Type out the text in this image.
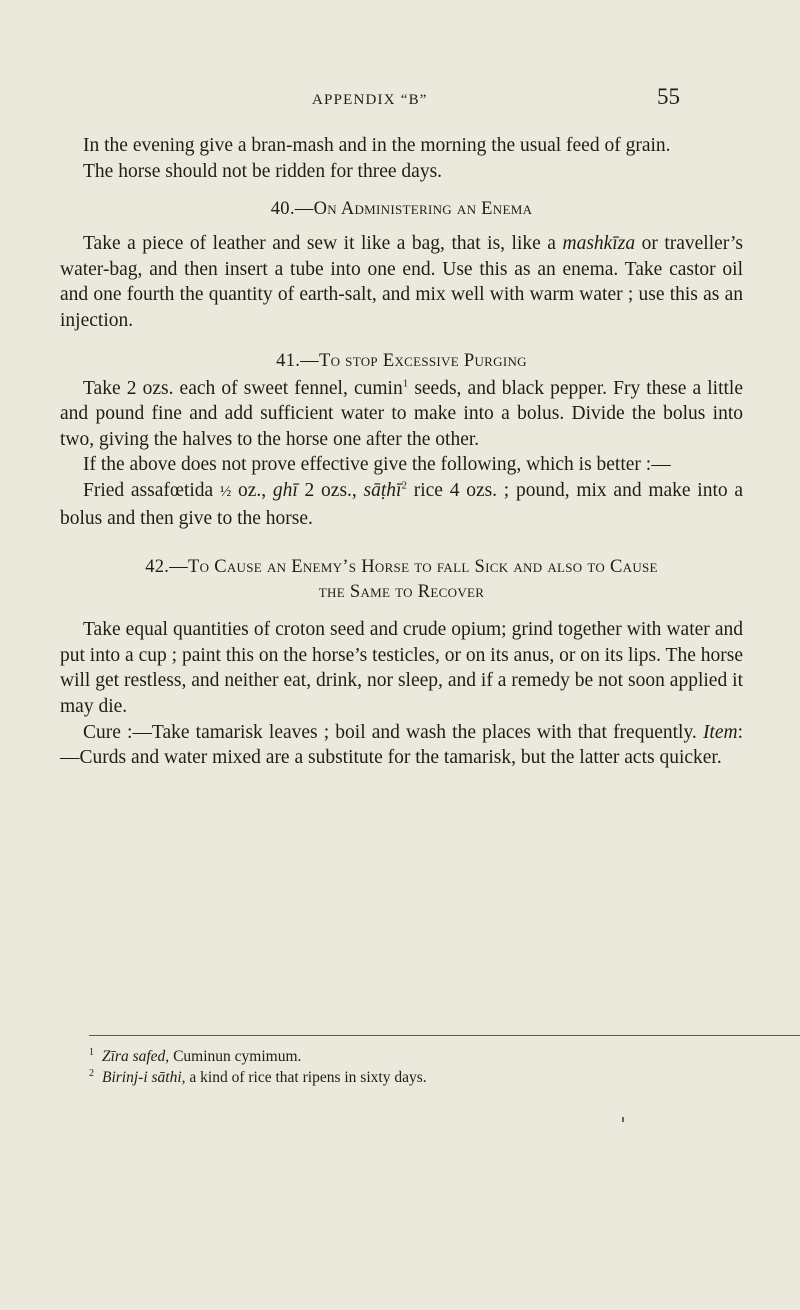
APPENDIX “B”	55

In the evening give a bran-mash and in the morning the usual feed of grain.

The horse should not be ridden for three days.

40.—On Administering an Enema

Take a piece of leather and sew it like a bag, that is, like a mashkīza or traveller’s water-bag, and then insert a tube into one end. Use this as an enema. Take castor oil and one fourth the quantity of earth-salt, and mix well with warm water ; use this as an injection.

41.—To stop Excessive Purging

Take 2 ozs. each of sweet fennel, cumin$^1$ seeds, and black pepper. Fry these a little and pound fine and add sufficient water to make into a bolus. Divide the bolus into two, giving the halves to the horse one after the other.

If the above does not prove effective give the following, which is better :—

Fried assafœtida ½ oz., ghī 2 ozs., sāṭhī$^2$ rice 4 ozs. ; pound, mix and make into a bolus and then give to the horse.

42.—To Cause an Enemy’s Horse to fall Sick and also to Cause
the Same to Recover

Take equal quantities of croton seed and crude opium; grind together with water and put into a cup ; paint this on the horse’s testicles, or on its anus, or on its lips. The horse will get restless, and neither eat, drink, nor sleep, and if a remedy be not soon applied it may die.

Cure :—Take tamarisk leaves ; boil and wash the places with that frequently. Item:—Curds and water mixed are a substitute for the tamarisk, but the latter acts quicker.

$^1$ Zīra safed, Cuminun cymimum.

$^2$ Birinj-i sāthi, a kind of rice that ripens in sixty days.
